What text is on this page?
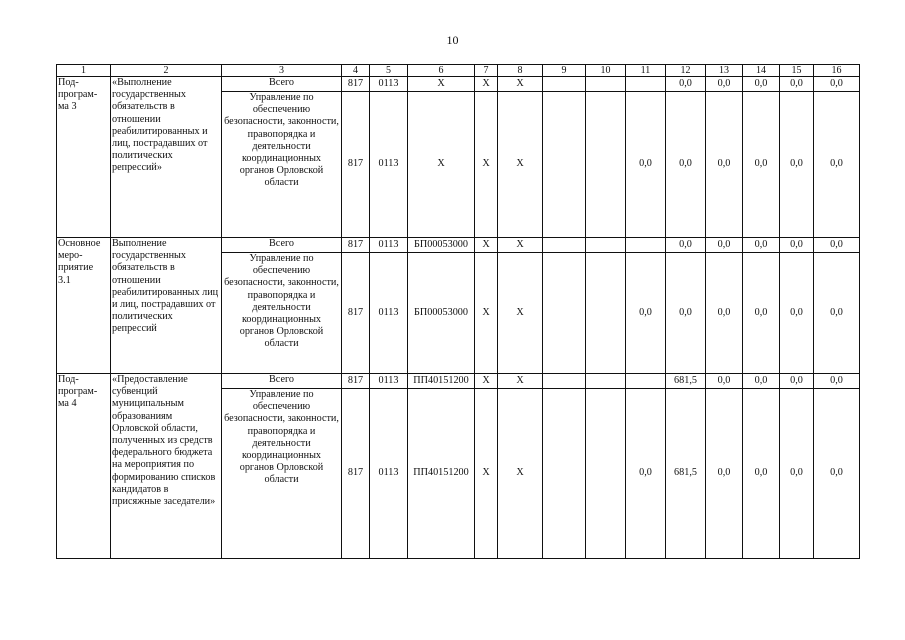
10
1	2	3	4	5	6	7	8	9	10	11	12	13	14	15	16
Под-
програм-
ма 3	«Выполнение государственных обязательств в отношении реабилитированных и лиц, пострадавших от политических репрессий»	Всего	817	0113	X	X	X				0,0	0,0	0,0	0,0	0,0
		Управление по обеспечению безопасности, законности, правопорядка и деятельности координационных органов Орловской области	817	0113	X	X	X			0,0	0,0	0,0	0,0	0,0	0,0
Основное
меро-
приятие
3.1	Выполнение государственных обязательств в отношении реабилитированных лиц и лиц, пострадавших от политических репрессий	Всего	817	0113	БП00053000	X	X				0,0	0,0	0,0	0,0	0,0
		Управление по обеспечению безопасности, законности, правопорядка и деятельности координационных органов Орловской области	817	0113	БП00053000	X	X			0,0	0,0	0,0	0,0	0,0	0,0
Под-
програм-
ма 4	«Предоставление субвенций муниципальным образованиям Орловской области, полученных из средств федерального бюджета на мероприятия по формированию списков кандидатов в присяжные заседатели»	Всего	817	0113	ПП40151200	X	X				681,5	0,0	0,0	0,0	0,0
		Управление по обеспечению безопасности, законности, правопорядка и деятельности координационных органов Орловской области	817	0113	ПП40151200	X	X			0,0	681,5	0,0	0,0	0,0	0,0
